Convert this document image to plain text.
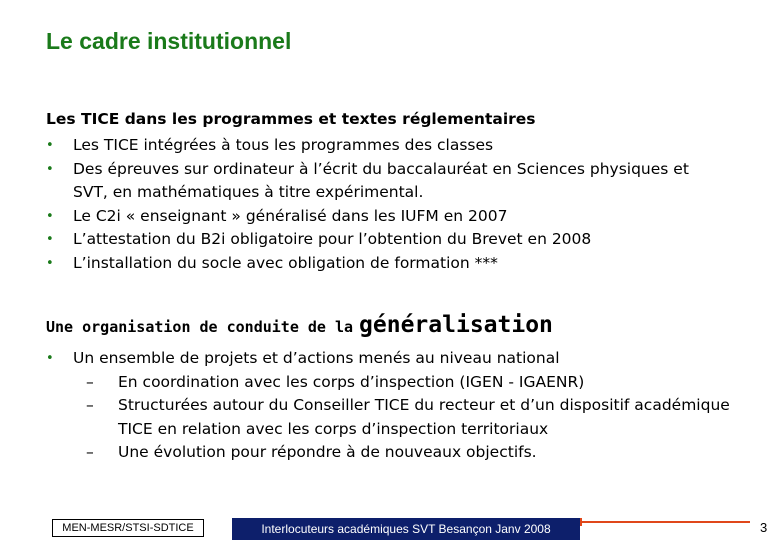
Le cadre institutionnel

Les TICE dans les programmes et textes réglementaires

• Les TICE intégrées à tous les programmes des classes
• Des épreuves sur ordinateur à l’écrit du baccalauréat en Sciences physiques et SVT, en mathématiques à titre expérimental.
• Le C2i « enseignant » généralisé dans les IUFM en 2007
• L’attestation du B2i obligatoire pour l’obtention du Brevet en 2008
• L’installation du socle avec obligation de formation ***

Une organisation de conduite de la généralisation

• Un ensemble de projets et d’actions menés au niveau national
– En coordination avec les corps d’inspection (IGEN - IGAENR)
– Structurées autour du Conseiller TICE du recteur et d’un dispositif académique TICE en relation avec les corps d’inspection territoriaux
– Une évolution pour répondre à de nouveaux objectifs.
MEN-MESR/STSI-SDTICE	Interlocuteurs académiques SVT Besançon Janv 2008	3
